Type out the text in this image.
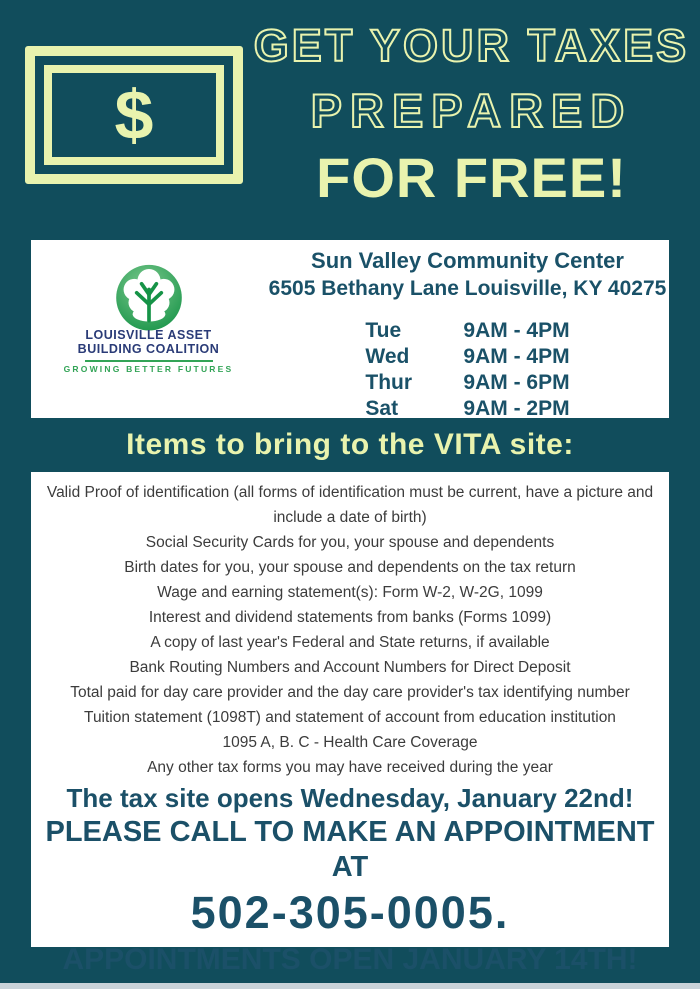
$
GET YOUR TAXES
PREPARED
FOR FREE!
LOUISVILLE ASSET
BUILDING COALITION
GROWING BETTER FUTURES
Sun Valley Community Center
6505 Bethany Lane Louisville, KY 40275
Tue	9AM - 4PM
Wed	9AM - 4PM
Thur	9AM - 6PM
Sat	9AM - 2PM
Items to bring to the VITA site:
Valid Proof of identification (all forms of identification must be current, have a picture and include a date of birth)
Social Security Cards for you, your spouse and dependents
Birth dates for you, your spouse and dependents on the tax return
Wage and earning statement(s): Form W-2, W-2G, 1099
Interest and dividend statements from banks (Forms 1099)
A copy of last year's Federal and State returns, if available
Bank Routing Numbers and Account Numbers for Direct Deposit
Total paid for day care provider and the day care provider's tax identifying number
Tuition statement (1098T) and statement of account from education institution
1095 A, B. C - Health Care Coverage
Any other tax forms you may have received during the year
The tax site opens Wednesday, January 22nd!
PLEASE CALL TO MAKE AN APPOINTMENT AT
502-305-0005.
APPOINTMENTS OPEN JANUARY 14TH!
